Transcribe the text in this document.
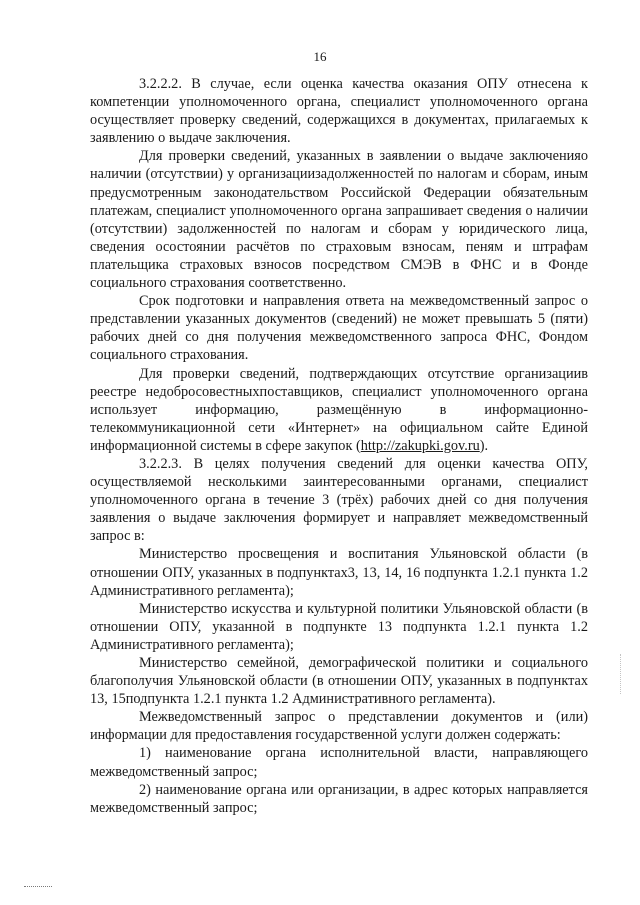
16

3.2.2.2. В случае, если оценка качества оказания ОПУ отнесена к компетенции уполномоченного органа, специалист уполномоченного органа осуществляет проверку сведений, содержащихся в документах, прилагаемых к заявлению о выдаче заключения.

Для проверки сведений, указанных в заявлении о выдаче заключенияо наличии (отсутствии) у организациизадолженностей по налогам и сборам, иным предусмотренным законодательством Российской Федерации обязательным платежам, специалист уполномоченного органа запрашивает сведения о наличии (отсутствии) задолженностей по налогам и сборам у юридического лица, сведения осостоянии расчётов по страховым взносам, пеням и штрафам плательщика страховых взносов посредством СМЭВ в ФНС и в Фонде социального страхования соответственно.

Срок подготовки и направления ответа на межведомственный запрос о представлении указанных документов (сведений) не может превышать 5 (пяти) рабочих дней со дня получения межведомственного запроса ФНС, Фондом социального страхования.

Для проверки сведений, подтверждающих отсутствие организациив реестре недобросовестныхпоставщиков, специалист уполномоченного органа использует информацию, размещённую в информационно-телекоммуникационной сети «Интернет» на официальном сайте Единой информационной системы в сфере закупок (http://zakupki.gov.ru).

3.2.2.3. В целях получения сведений для оценки качества ОПУ, осуществляемой несколькими заинтересованными органами, специалист уполномоченного органа в течение 3 (трёх) рабочих дней со дня получения заявления о выдаче заключения формирует и направляет межведомственный запрос в:

Министерство просвещения и воспитания Ульяновской области (в отношении ОПУ, указанных в подпунктах3, 13, 14, 16 подпункта 1.2.1 пункта 1.2 Административного регламента);

Министерство искусства и культурной политики Ульяновской области (в отношении ОПУ, указанной в подпункте 13 подпункта 1.2.1 пункта 1.2 Административного регламента);

Министерство семейной, демографической политики и социального благополучия Ульяновской области (в отношении ОПУ, указанных в подпунктах 13, 15подпункта 1.2.1 пункта 1.2 Административного регламента).

Межведомственный запрос о представлении документов и (или) информации для предоставления государственной услуги должен содержать:

1) наименование органа исполнительной власти, направляющего межведомственный запрос;

2) наименование органа или организации, в адрес которых направляется межведомственный запрос;
